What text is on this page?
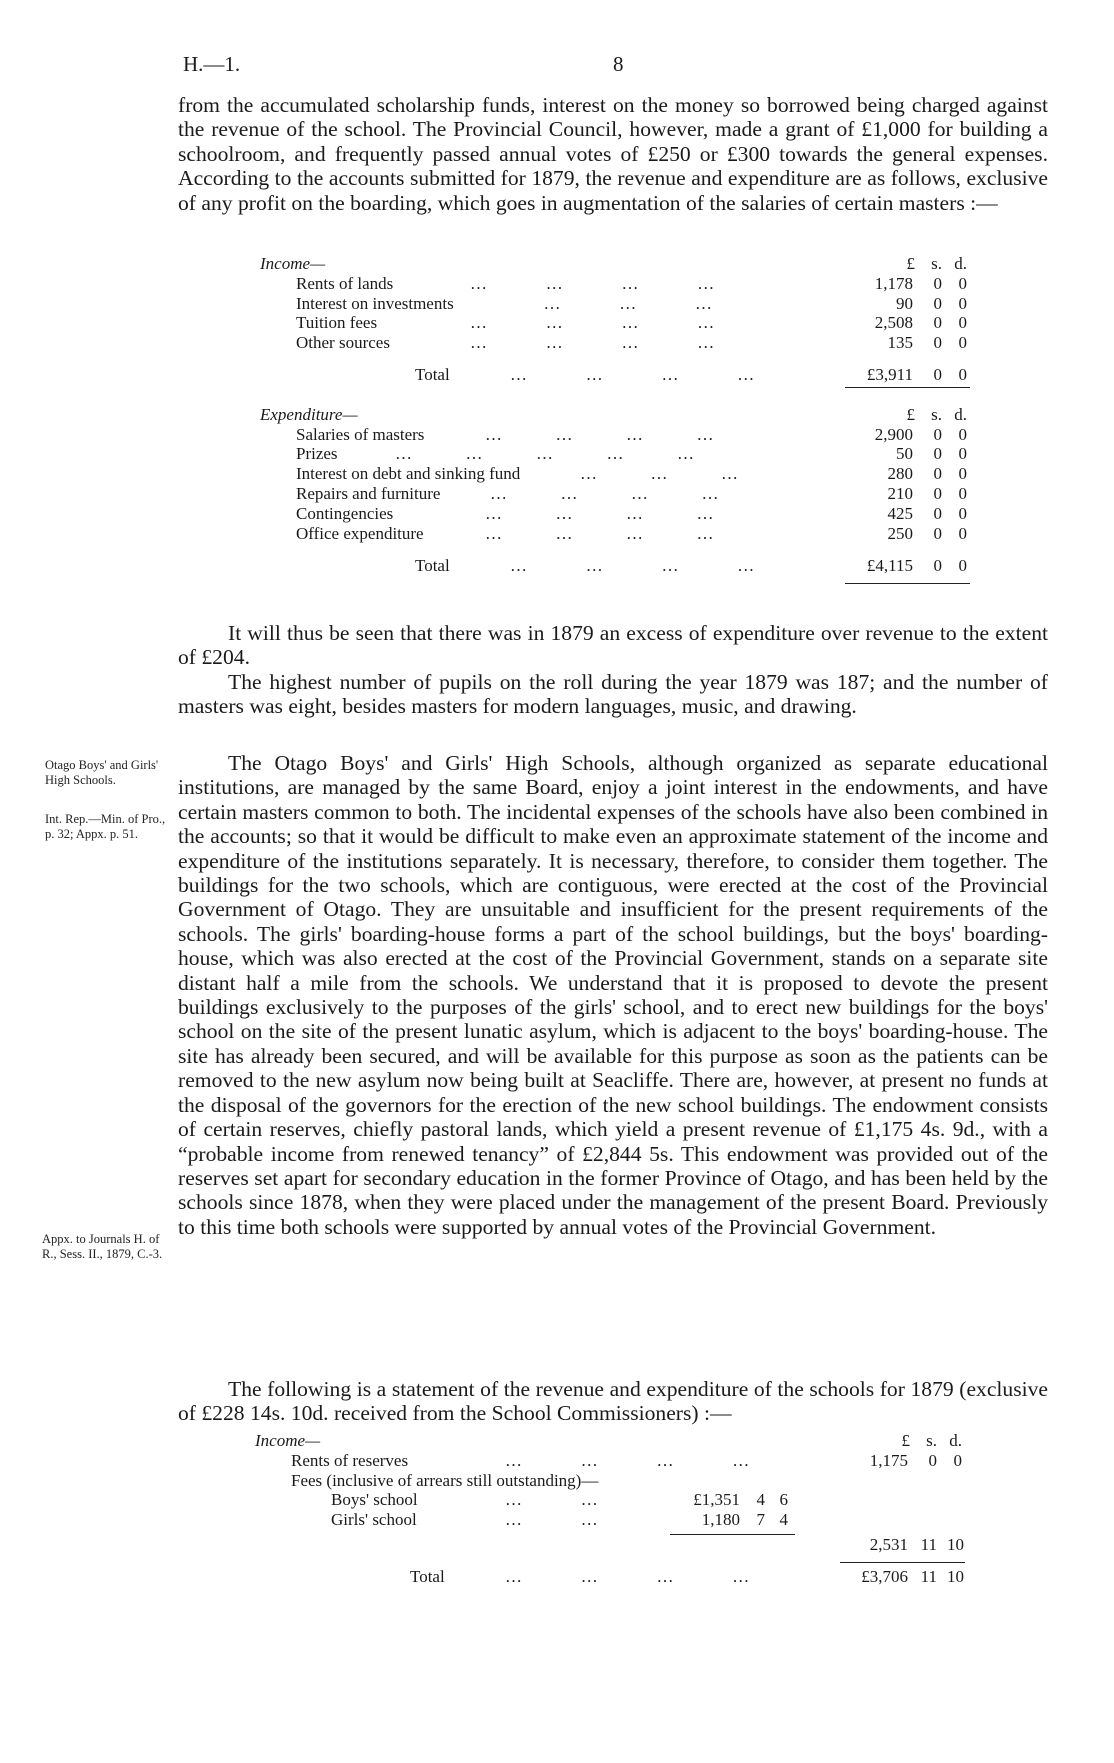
H.—1.	8

from the accumulated scholarship funds, interest on the money so borrowed being charged against the revenue of the school. The Provincial Council, however, made a grant of £1,000 for building a schoolroom, and frequently passed annual votes of £250 or £300 towards the general expenses. According to the accounts submitted for 1879, the revenue and expenditure are as follows, exclusive of any profit on the boarding, which goes in augmentation of the salaries of certain masters :—

Income—	£ s. d.
Rents of lands	…           …           …           …	1,178	0 0
Interest on investments …           …           …	90	0 0
Tuition fees	…           …           …           …	2,508	0 0
Other sources	…           …           …           …	135	0 0
Total	…           …           …           …	£3,911	0 0
Expenditure—	£ s. d.
Salaries of masters	…          …          …          …	2,900	0 0
Prizes	…          …          …          …          …	50	0 0
Interest on debt and sinking fund	…          …          …	280	0 0
Repairs and furniture	…          …          …          …	210	0 0
Contingencies	…          …          …          …	425	0 0
Office expenditure	…          …          …          …	250	0 0
Total	…           …           …           …	£4,115	0 0

It will thus be seen that there was in 1879 an excess of expenditure over revenue to the extent of £204.

The highest number of pupils on the roll during the year 1879 was 187; and the number of masters was eight, besides masters for modern languages, music, and drawing.

Otago Boys' and Girls' High Schools.
Int. Rep.—Min. of Pro., p. 32; Appx. p. 51.

The Otago Boys' and Girls' High Schools, although organized as separate educational institutions, are managed by the same Board, enjoy a joint interest in the endowments, and have certain masters common to both. The incidental expenses of the schools have also been combined in the accounts; so that it would be difficult to make even an approximate statement of the income and expenditure of the institutions separately. It is necessary, therefore, to consider them together. The buildings for the two schools, which are contiguous, were erected at the cost of the Provincial Government of Otago. They are unsuitable and insufficient for the present requirements of the schools. The girls' boarding-house forms a part of the school buildings, but the boys' boarding-house, which was also erected at the cost of the Provincial Government, stands on a separate site distant half a mile from the schools. We understand that it is proposed to devote the present buildings exclusively to the purposes of the girls' school, and to erect new buildings for the boys' school on the site of the present lunatic asylum, which is adjacent to the boys' boarding-house. The site has already been secured, and will be available for this purpose as soon as the patients can be removed to the new asylum now being built at Seacliffe. There are, however, at present no funds at the disposal of the governors for the erection of the new school buildings. The endowment consists of certain reserves, chiefly pastoral lands, which yield a present revenue of £1,175 4s. 9d., with a “probable income from renewed tenancy” of £2,844 5s. This endowment was provided out of the reserves set apart for secondary education in the former Province of Otago, and has been held by the schools since 1878, when they were placed under the management of the present Board. Previously to this time both schools were supported by annual votes of the Provincial Government.

Appx. to Journals H. of R., Sess. II., 1879, C.-3.

The following is a statement of the revenue and expenditure of the schools for 1879 (exclusive of £228 14s. 10d. received from the School Commissioners) :—

Income—	£ s. d.
Rents of reserves	…           …           …           …	1,175	0 0
Fees (inclusive of arrears still outstanding)—
Boys' school	…           …	£1,351 4 6
Girls' school	…           …	1,180 7 4
2,531 11 10
Total	…           …           …           …	£3,706 11 10
